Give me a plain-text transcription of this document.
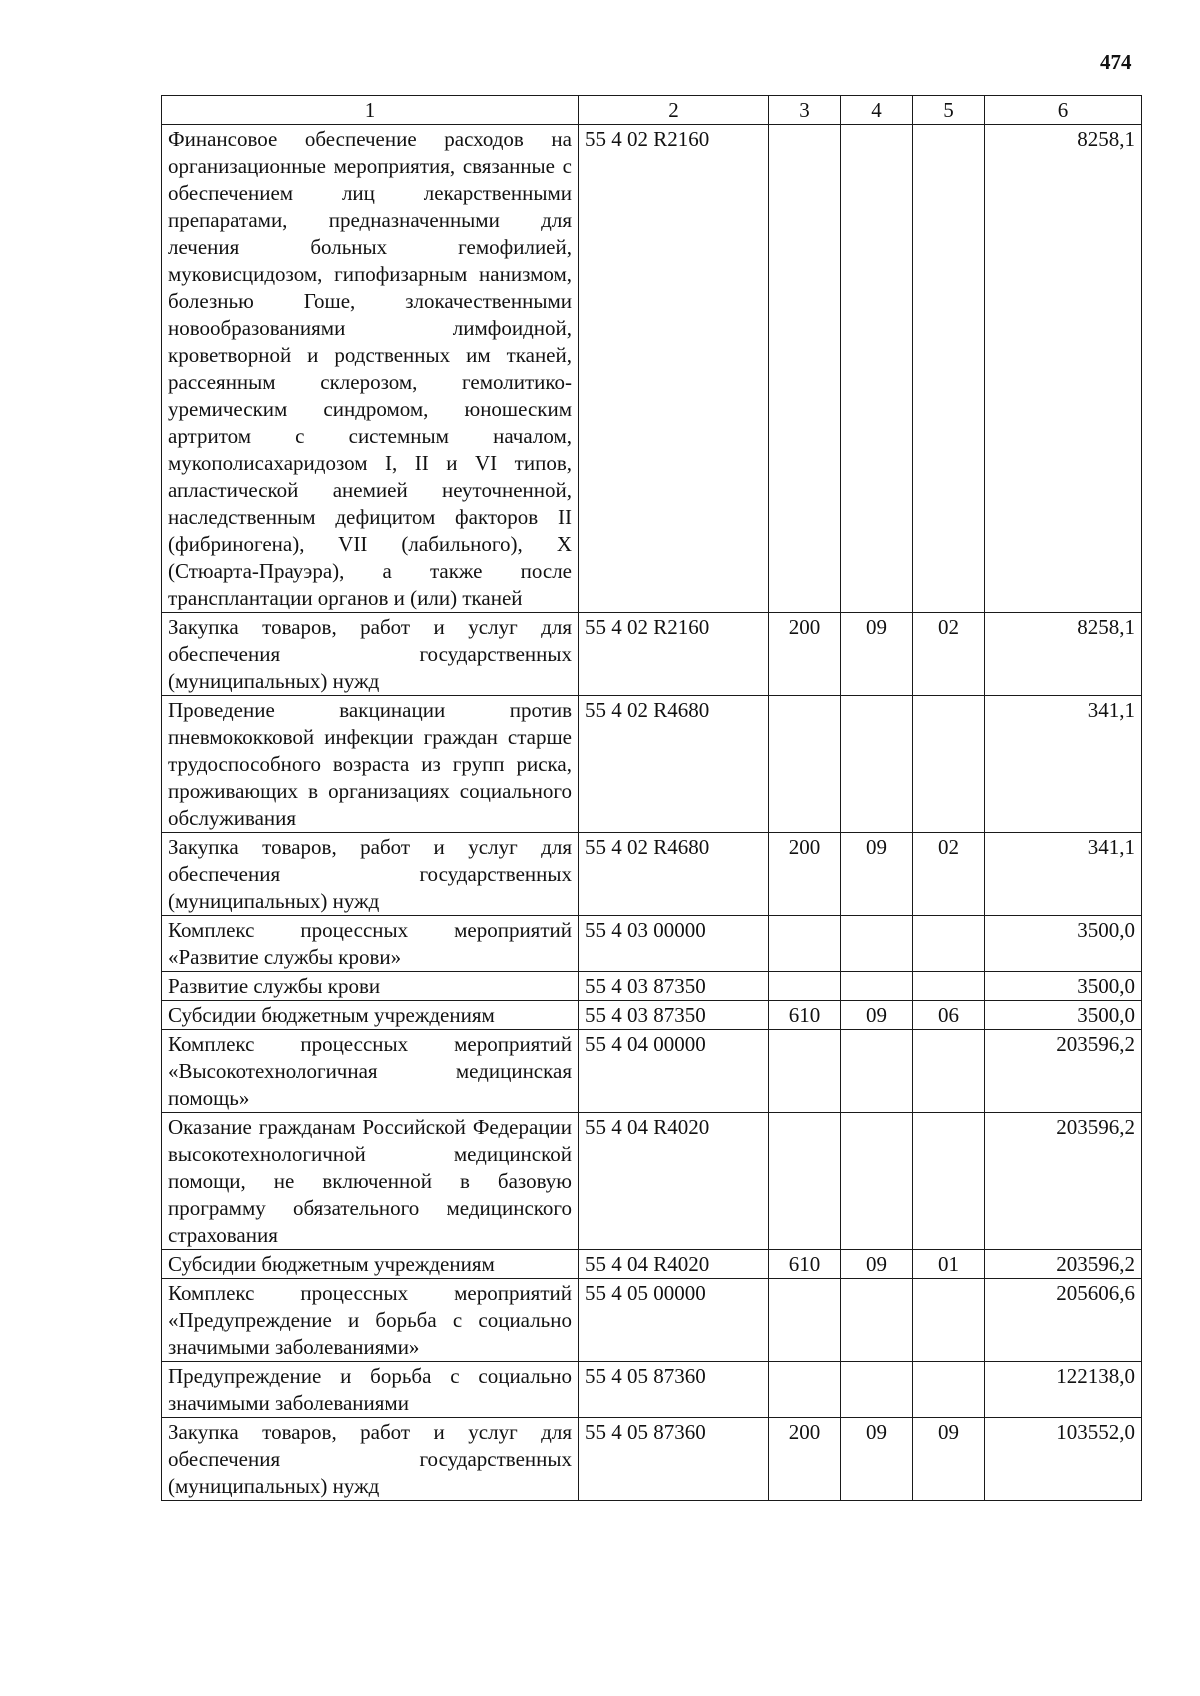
474
1	2	3	4	5	6
Финансовое обеспечение расходов на организационные мероприятия, связанные с обеспечением лиц лекарственными препаратами, предназначенными для лечения больных гемофилией, муковисцидозом, гипофизарным нанизмом, болезнью Гоше, злокачественными новообразованиями лимфоидной, кроветворной и родственных им тканей, рассеянным склерозом, гемолитико-уремическим синдромом, юношеским артритом с системным началом, мукополисахаридозом I, II и VI типов, апластической анемией неуточненной, наследственным дефицитом факторов II (фибриногена), VII (лабильного), X (Стюарта-Прауэра), а также после трансплантации органов и (или) тканей	55 4 02 R2160				8258,1
Закупка товаров, работ и услуг для обеспечения государственных (муниципальных) нужд	55 4 02 R2160	200	09	02	8258,1
Проведение вакцинации против пневмококковой инфекции граждан старше трудоспособного возраста из групп риска, проживающих в организациях социального обслуживания	55 4 02 R4680				341,1
Закупка товаров, работ и услуг для обеспечения государственных (муниципальных) нужд	55 4 02 R4680	200	09	02	341,1
Комплекс процессных мероприятий «Развитие службы крови»	55 4 03 00000				3500,0
Развитие службы крови	55 4 03 87350				3500,0
Субсидии бюджетным учреждениям	55 4 03 87350	610	09	06	3500,0
Комплекс процессных мероприятий «Высокотехнологичная медицинская помощь»	55 4 04 00000				203596,2
Оказание гражданам Российской Федерации высокотехнологичной медицинской помощи, не включенной в базовую программу обязательного медицинского страхования	55 4 04 R4020				203596,2
Субсидии бюджетным учреждениям	55 4 04 R4020	610	09	01	203596,2
Комплекс процессных мероприятий «Предупреждение и борьба с социально значимыми заболеваниями»	55 4 05 00000				205606,6
Предупреждение и борьба с социально значимыми заболеваниями	55 4 05 87360				122138,0
Закупка товаров, работ и услуг для обеспечения государственных (муниципальных) нужд	55 4 05 87360	200	09	09	103552,0
